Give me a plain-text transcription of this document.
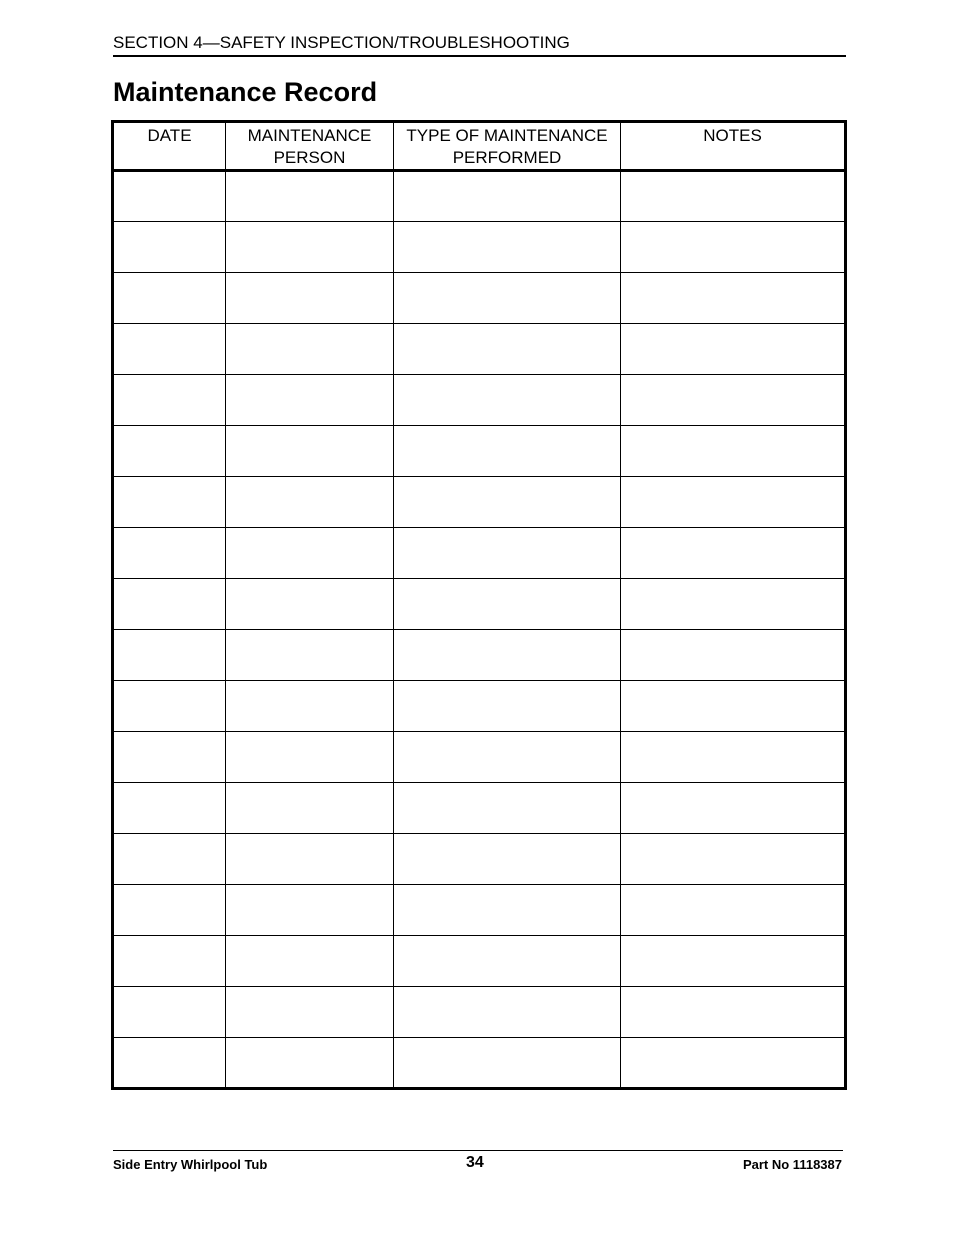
SECTION 4—SAFETY INSPECTION/TROUBLESHOOTING
Maintenance Record
DATE	MAINTENANCE PERSON	TYPE OF MAINTENANCE PERFORMED	NOTES

Side Entry Whirlpool Tub	34	Part No 1118387
